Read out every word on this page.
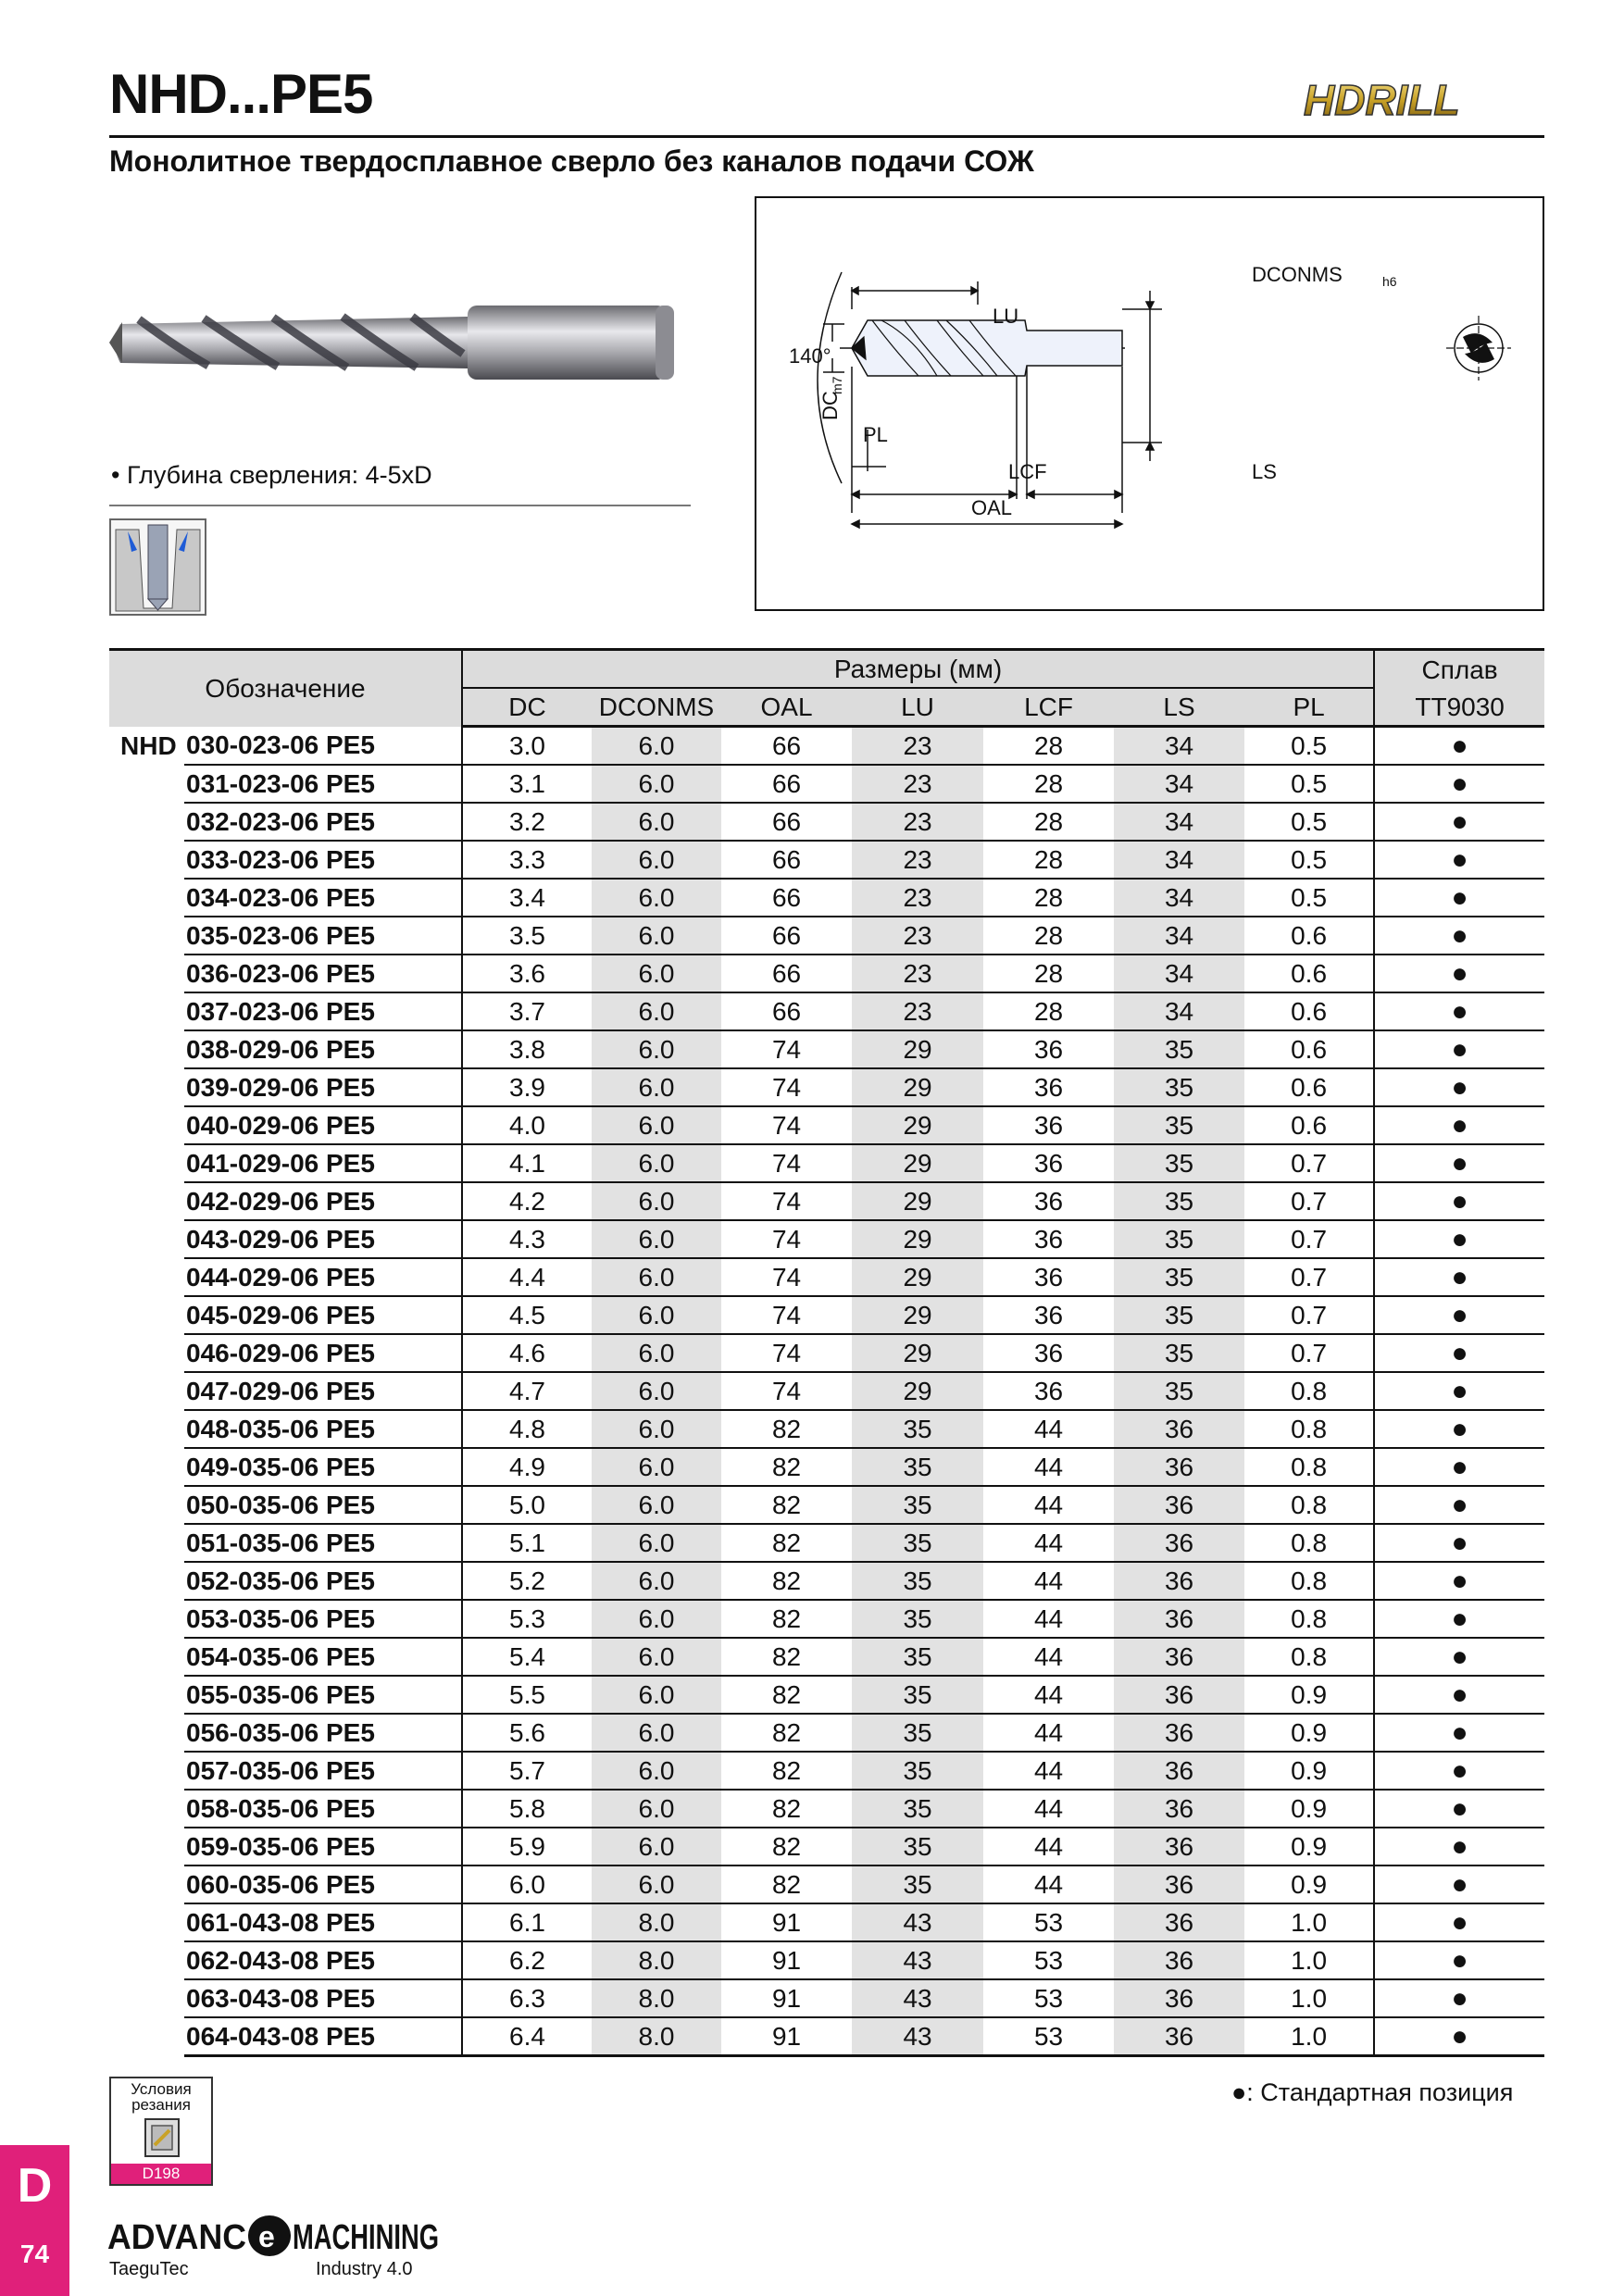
NHD...PE5	HDRILL
Монолитное твердосплавное сверло без каналов подачи СОЖ
• Глубина сверления: 4-5xD
LU
DCONMS	h6
140°
DC
m7
PL
LCF	LS
OAL
Обозначение		Размеры (мм)							Сплав
		DC	DCONMS	OAL	LU	LCF	LS	PL	TT9030
NHD	030-023-06 PE5	3.0	6.0	66	23	28	34	0.5	●
	031-023-06 PE5	3.1	6.0	66	23	28	34	0.5	●
	032-023-06 PE5	3.2	6.0	66	23	28	34	0.5	●
	033-023-06 PE5	3.3	6.0	66	23	28	34	0.5	●
	034-023-06 PE5	3.4	6.0	66	23	28	34	0.5	●
	035-023-06 PE5	3.5	6.0	66	23	28	34	0.6	●
	036-023-06 PE5	3.6	6.0	66	23	28	34	0.6	●
	037-023-06 PE5	3.7	6.0	66	23	28	34	0.6	●
	038-029-06 PE5	3.8	6.0	74	29	36	35	0.6	●
	039-029-06 PE5	3.9	6.0	74	29	36	35	0.6	●
	040-029-06 PE5	4.0	6.0	74	29	36	35	0.6	●
	041-029-06 PE5	4.1	6.0	74	29	36	35	0.7	●
	042-029-06 PE5	4.2	6.0	74	29	36	35	0.7	●
	043-029-06 PE5	4.3	6.0	74	29	36	35	0.7	●
	044-029-06 PE5	4.4	6.0	74	29	36	35	0.7	●
	045-029-06 PE5	4.5	6.0	74	29	36	35	0.7	●
	046-029-06 PE5	4.6	6.0	74	29	36	35	0.7	●
	047-029-06 PE5	4.7	6.0	74	29	36	35	0.8	●
	048-035-06 PE5	4.8	6.0	82	35	44	36	0.8	●
	049-035-06 PE5	4.9	6.0	82	35	44	36	0.8	●
	050-035-06 PE5	5.0	6.0	82	35	44	36	0.8	●
	051-035-06 PE5	5.1	6.0	82	35	44	36	0.8	●
	052-035-06 PE5	5.2	6.0	82	35	44	36	0.8	●
	053-035-06 PE5	5.3	6.0	82	35	44	36	0.8	●
	054-035-06 PE5	5.4	6.0	82	35	44	36	0.8	●
	055-035-06 PE5	5.5	6.0	82	35	44	36	0.9	●
	056-035-06 PE5	5.6	6.0	82	35	44	36	0.9	●
	057-035-06 PE5	5.7	6.0	82	35	44	36	0.9	●
	058-035-06 PE5	5.8	6.0	82	35	44	36	0.9	●
	059-035-06 PE5	5.9	6.0	82	35	44	36	0.9	●
	060-035-06 PE5	6.0	6.0	82	35	44	36	0.9	●
	061-043-08 PE5	6.1	8.0	91	43	53	36	1.0	●
	062-043-08 PE5	6.2	8.0	91	43	53	36	1.0	●
	063-043-08 PE5	6.3	8.0	91	43	53	36	1.0	●
	064-043-08 PE5	6.4	8.0	91	43	53	36	1.0	●
●: Стандартная позиция
Условия резания
D198
D
74	ADVANC e MACHINING
TaeguTec	Industry 4.0
